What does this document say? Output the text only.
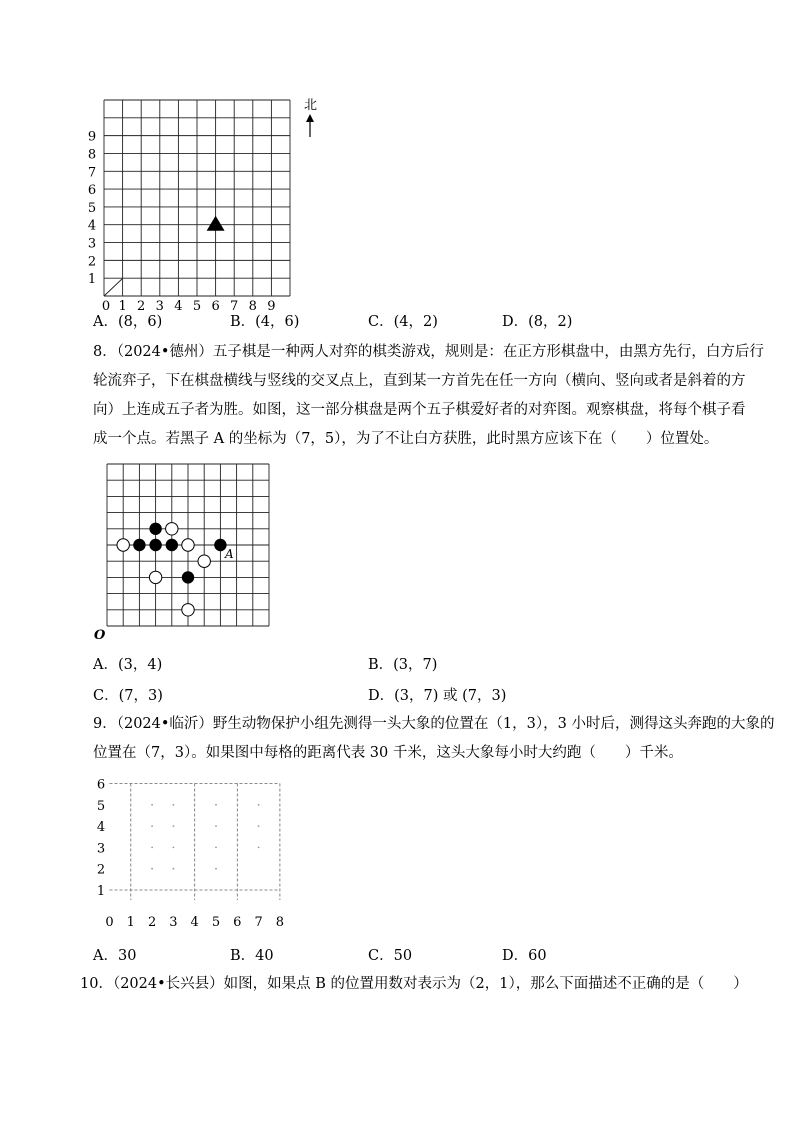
9
8
7
6
5
4
3
2
1
0 1 2 3 4 5 6 7 8 9
北
A．(8，6)	B．(4，6)	C．(4，2)	D．(8，2)
8．（2024•德州）五子棋是一种两人对弈的棋类游戏，规则是：在正方形棋盘中，由黑方先行，白方后行
轮流弈子，下在棋盘横线与竖线的交叉点上，直到某一方首先在任一方向（横向、竖向或者是斜着的方
向）上连成五子者为胜。如图，这一部分棋盘是两个五子棋爱好者的对弈图。观察棋盘，将每个棋子看
成一个点。若黑子 A 的坐标为（7，5），为了不让白方获胜，此时黑方应该下在（　　）位置处。
O
A
A．(3，4)	B．(3，7)
C．(7，3)	D．(3，7) 或 (7，3)
9．（2024•临沂）野生动物保护小组先测得一头大象的位置在（1，3），3 小时后，测得这头奔跑的大象的
位置在（7，3）。如果图中每格的距离代表 30 千米，这头大象每小时大约跑（　　）千米。
6
5
4
3
2
1
0 1 2 3 4 5 6 7 8
A．30	B．40	C．50	D．60
10．（2024•长兴县）如图，如果点 B 的位置用数对表示为（2，1），那么下面描述不正确的是（　　）
